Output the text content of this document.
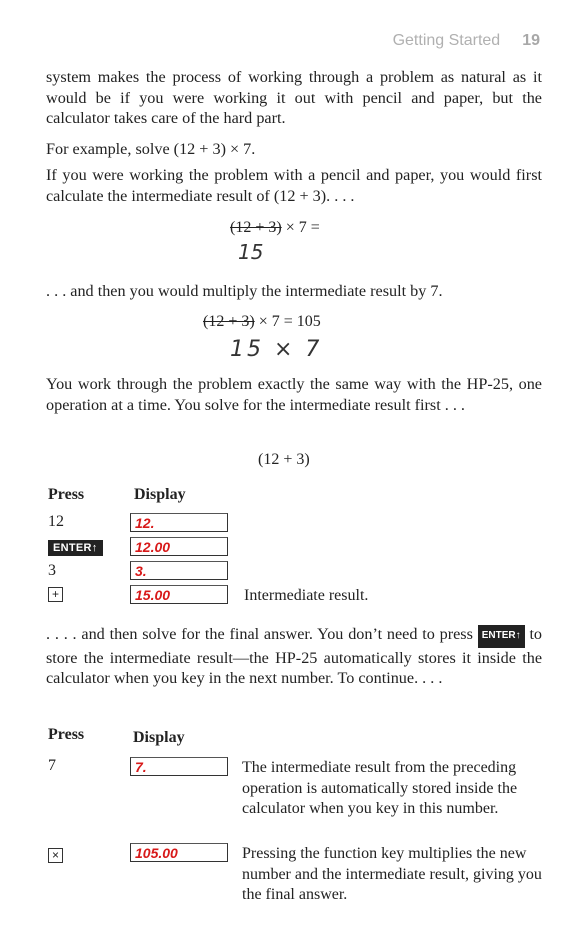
Getting Started 19
system makes the process of working through a problem as natural as it would be if you were working it out with pencil and paper, but the calculator takes care of the hard part.
For example, solve (12 + 3) × 7.
If you were working the problem with a pencil and paper, you would first calculate the intermediate result of (12 + 3). . . .
(12 + 3) × 7 =
15
. . . and then you would multiply the intermediate result by 7.
(12 + 3) × 7 = 105
15 × 7
You work through the problem exactly the same way with the HP-25, one operation at a time. You solve for the intermediate result first . . .
(12 + 3)
Press	Display
12	12.
ENTER↑	12.00
3	3.
+	15.00	Intermediate result.
. . . . and then solve for the final answer. You don’t need to press ENTER↑ to store the intermediate result—the HP-25 automatically stores it inside the calculator when you key in the next number. To continue. . . .
Press	Display
7	7.	The intermediate result from the preceding operation is automatically stored inside the calculator when you key in this number.
×	105.00	Pressing the function key multiplies the new number and the intermediate result, giving you the final answer.
